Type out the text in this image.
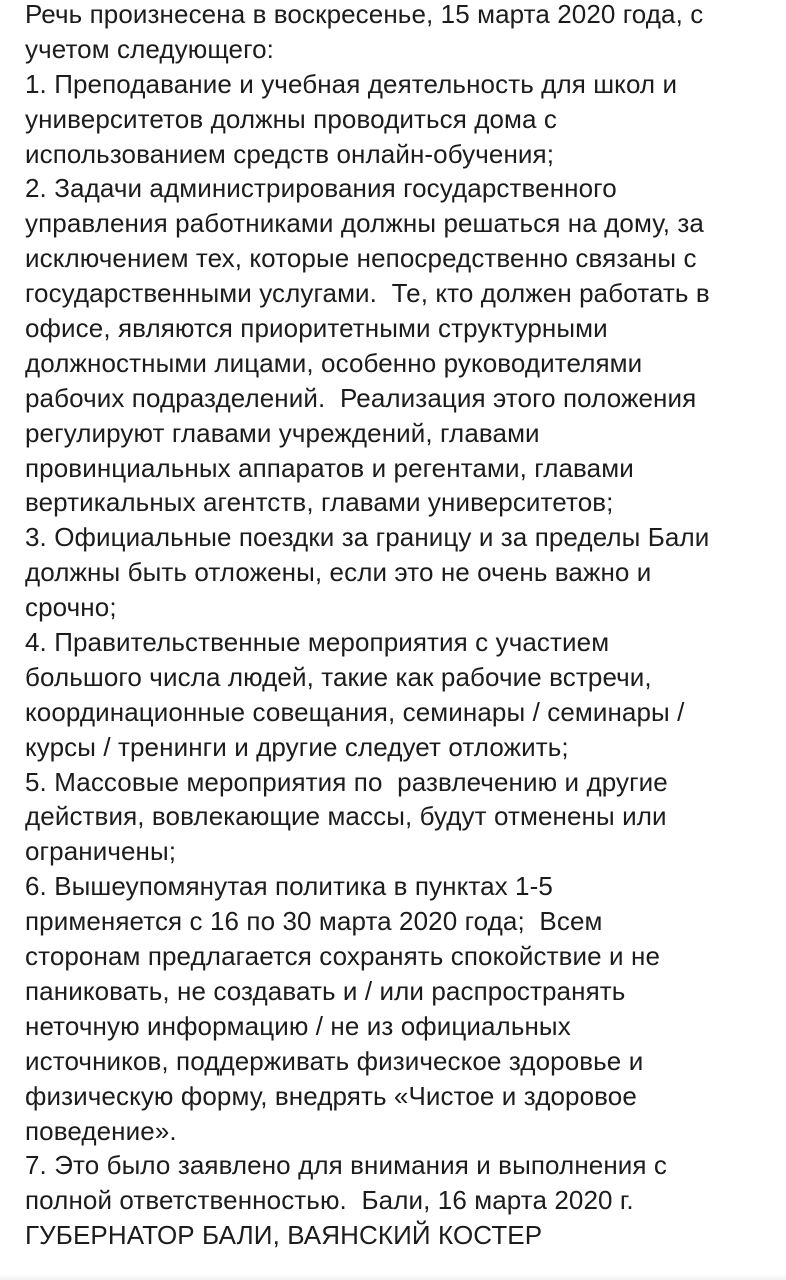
Речь произнесена в воскресенье, 15 марта 2020 года, с
учетом следующего:
1. Преподавание и учебная деятельность для школ и
университетов должны проводиться дома с
использованием средств онлайн-обучения;
2. Задачи администрирования государственного
управления работниками должны решаться на дому, за
исключением тех, которые непосредственно связаны с
государственными услугами.  Те, кто должен работать в
офисе, являются приоритетными структурными
должностными лицами, особенно руководителями
рабочих подразделений.  Реализация этого положения
регулируют главами учреждений, главами
провинциальных аппаратов и регентами, главами
вертикальных агентств, главами университетов;
3. Официальные поездки за границу и за пределы Бали
должны быть отложены, если это не очень важно и
срочно;
4. Правительственные мероприятия с участием
большого числа людей, такие как рабочие встречи,
координационные совещания, семинары / семинары /
курсы / тренинги и другие следует отложить;
5. Массовые мероприятия по  развлечению и другие
действия, вовлекающие массы, будут отменены или
ограничены;
6. Вышеупомянутая политика в пунктах 1-5
применяется с 16 по 30 марта 2020 года;  Всем
сторонам предлагается сохранять спокойствие и не
паниковать, не создавать и / или распространять
неточную информацию / не из официальных
источников, поддерживать физическое здоровье и
физическую форму, внедрять «Чистое и здоровое
поведение».
7. Это было заявлено для внимания и выполнения с
полной ответственностью.  Бали, 16 марта 2020 г.
ГУБЕРНАТОР БАЛИ, ВАЯНСКИЙ КОСТЕР
